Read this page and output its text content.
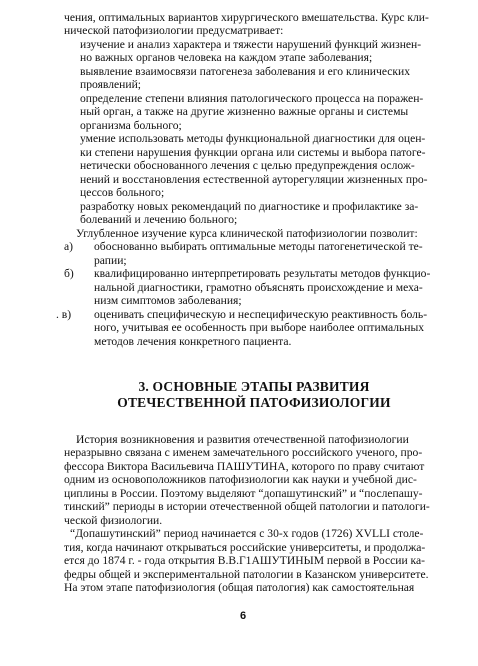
чения, оптимальных вариантов хирургического вмешательства. Курс кли-
нической патофизиологии предусматривает:
изучение и анализ характера и тяжести нарушений функций жизнен-
но важных органов человека на каждом этапе заболевания;
выявление взаимосвязи патогенеза заболевания и его клинических
проявлений;
определение степени влияния патологического процесса на поражен-
ный орган, а также на другие жизненно важные органы и системы
организма больного;
умение использовать методы функциональной диагностики для оцен-
ки степени нарушения функции органа или системы и выбора патоге-
нетически обоснованного лечения с целью предупреждения ослож-
нений и восстановления естественной ауторегуляции жизненных про-
цессов больного;
разработку новых рекомендаций по диагностике и профилактике за-
болеваний и лечению больного;
Углубленное изучение курса клинической патофизиологии позволит:
а) обоснованно выбирать оптимальные методы патогенетической те-
рапии;
б) квалифицированно интерпретировать результаты методов функцио-
нальной диагностики, грамотно объяснять происхождение и меха-
низм симптомов заболевания;
. в) оценивать специфическую и неспецифическую реактивность боль-
ного, учитывая ее особенность при выборе наиболее оптимальных
методов лечения конкретного пациента.
3. ОСНОВНЫЕ ЭТАПЫ РАЗВИТИЯ
ОТЕЧЕСТВЕННОЙ ПАТОФИЗИОЛОГИИ
История возникновения и развития отечественной патофизиологии
неразрывно связана с именем замечательного российского ученого, про-
фессора Виктора Васильевича ПАШУТИНА, которого по праву считают
одним из основоположников патофизиологии как науки и учебной дис-
циплины в России. Поэтому выделяют “допашутинский” и “послепашу-
тинский” периоды в истории отечественной общей патологии и патологи-
ческой физиологии.
“Допашутинский” период начинается с 30-х годов (1726) XVLLI столе-
тия, когда начинают открываться российские университеты, и продолжа-
ется до 1874 г. - года открытия В.В.Г1АШУТИНЫМ первой в России ка-
федры общей и экспериментальной патологии в Казанском университете.
На этом этапе патофизиология (общая патология) как самостоятельная
6
